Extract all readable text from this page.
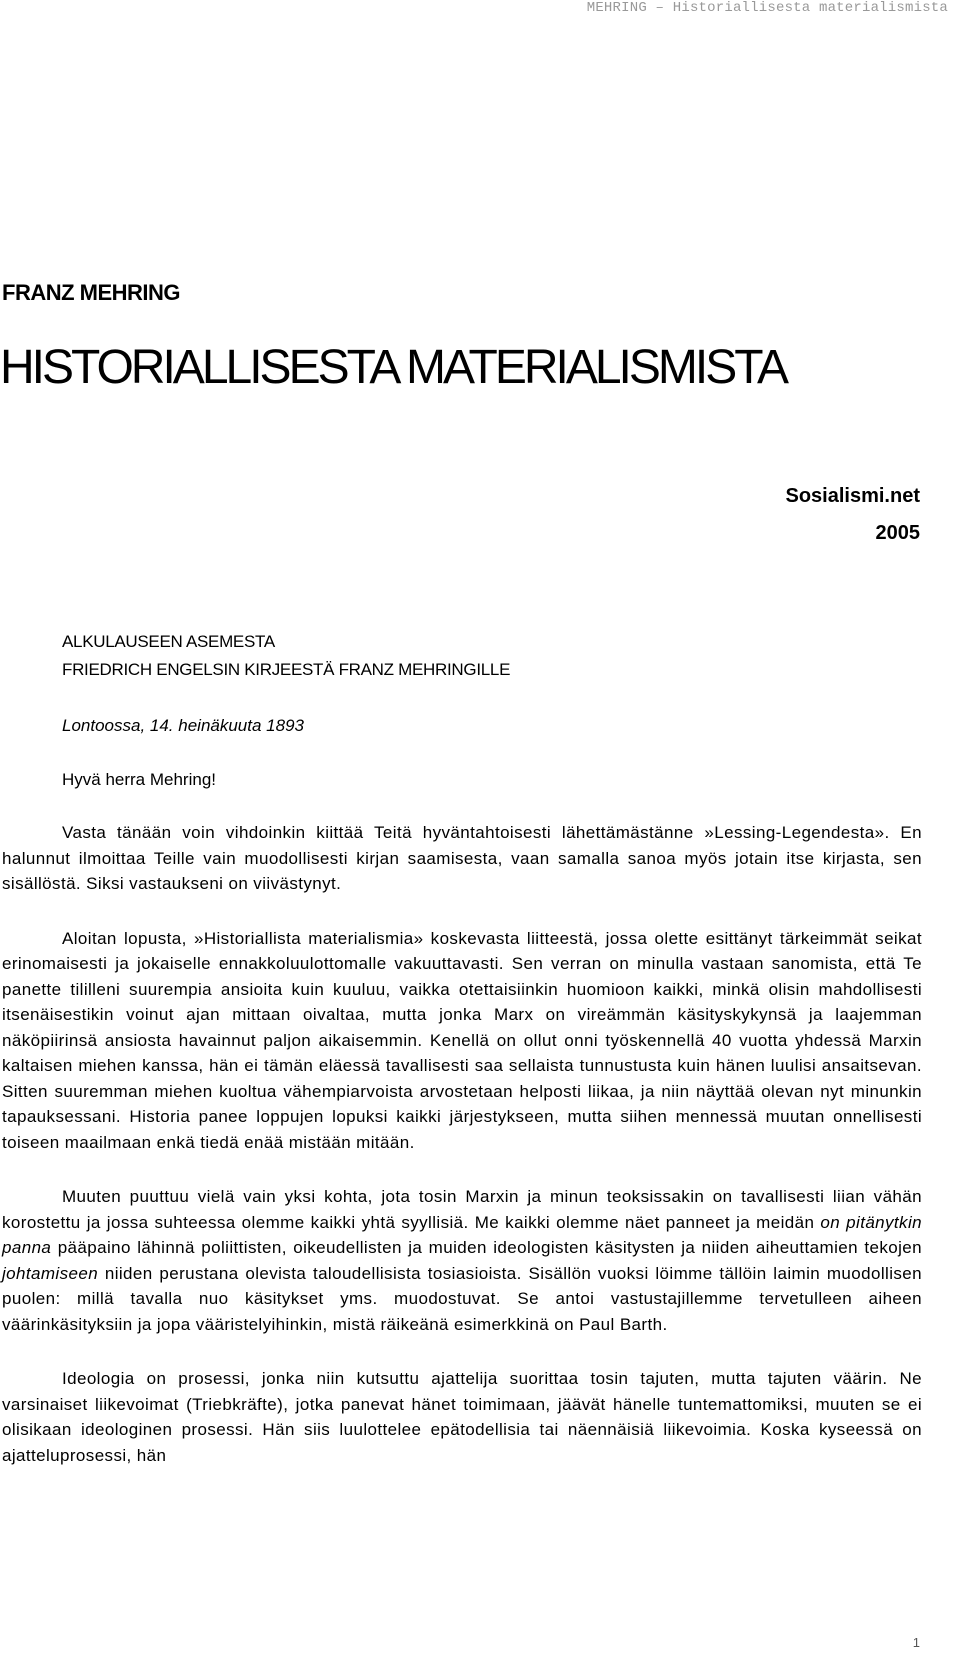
MEHRING – Historiallisesta materialismista
FRANZ MEHRING
HISTORIALLISESTA MATERIALISMISTA
Sosialismi.net
2005
ALKULAUSEEN ASEMESTA
FRIEDRICH ENGELSIN KIRJEESTÄ FRANZ MEHRINGILLE
Lontoossa, 14. heinäkuuta 1893
Hyvä herra Mehring!

Vasta tänään voin vihdoinkin kiittää Teitä hyväntahtoisesti lähettämästänne »Lessing-Legendesta». En halunnut ilmoittaa Teille vain muodollisesti kirjan saamisesta, vaan samalla sanoa myös jotain itse kirjasta, sen sisällöstä. Siksi vastaukseni on viivästynyt.

Aloitan lopusta, »Historiallista materialismia» koskevasta liitteestä, jossa olette esittänyt tärkeimmät seikat erinomaisesti ja jokaiselle ennakkoluulottomalle vakuuttavasti. Sen verran on minulla vastaan sanomista, että Te panette tililleni suurempia ansioita kuin kuuluu, vaikka otettaisiinkin huomioon kaikki, minkä olisin mahdollisesti itsenäisestikin voinut ajan mittaan oivaltaa, mutta jonka Marx on vireämmän käsityskykynsä ja laajemman näköpiirinsä ansiosta havainnut paljon aikaisemmin. Kenellä on ollut onni työskennellä 40 vuotta yhdessä Marxin kaltaisen miehen kanssa, hän ei tämän eläessä tavallisesti saa sellaista tunnustusta kuin hänen luulisi ansaitsevan. Sitten suuremman miehen kuoltua vähempiarvoista arvostetaan helposti liikaa, ja niin näyttää olevan nyt minunkin tapauksessani. Historia panee loppujen lopuksi kaikki järjestykseen, mutta siihen mennessä muutan onnellisesti toiseen maailmaan enkä tiedä enää mistään mitään.

Muuten puuttuu vielä vain yksi kohta, jota tosin Marxin ja minun teoksissakin on tavallisesti liian vähän korostettu ja jossa suhteessa olemme kaikki yhtä syyllisiä. Me kaikki olemme näet panneet ja meidän on pitänytkin panna pääpaino lähinnä poliittisten, oikeudellisten ja muiden ideologisten käsitysten ja niiden aiheuttamien tekojen johtamiseen niiden perustana olevista taloudellisista tosiasioista. Sisällön vuoksi löimme tällöin laimin muodollisen puolen: millä tavalla nuo käsitykset yms. muodostuvat. Se antoi vastustajillemme tervetulleen aiheen väärinkäsityksiin ja jopa vääristelyihinkin, mistä räikeänä esimerkkinä on Paul Barth.

Ideologia on prosessi, jonka niin kutsuttu ajattelija suorittaa tosin tajuten, mutta tajuten väärin. Ne varsinaiset liikevoimat (Triebkräfte), jotka panevat hänet toimimaan, jäävät hänelle tuntemattomiksi, muuten se ei olisikaan ideologinen prosessi. Hän siis luulottelee epätodellisia tai näennäisiä liikevoimia. Koska kyseessä on ajatteluprosessi, hän

1
